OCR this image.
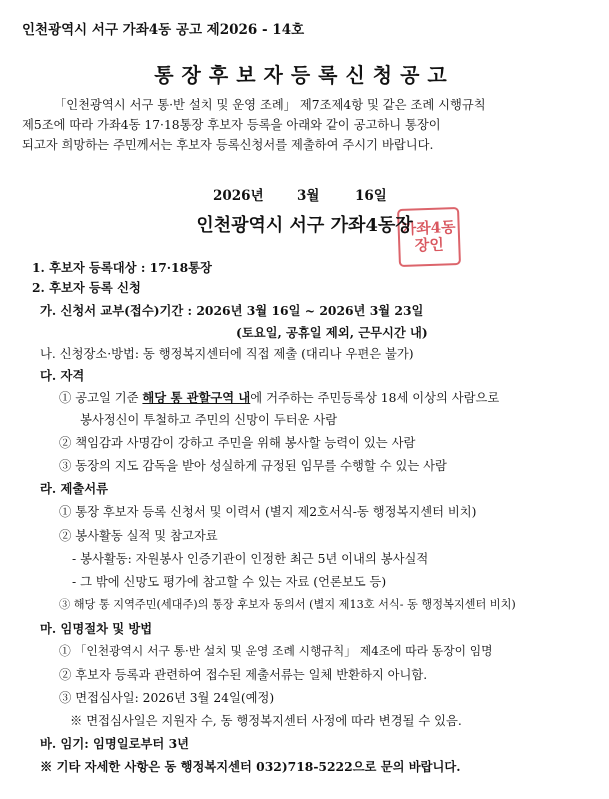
인천광역시 서구 가좌4동 공고 제2026 - 14호
통장후보자등록신청공고
「인천광역시 서구 통·반 설치 및 운영 조례」 제7조제4항 및 같은 조례 시행규칙
제5조에 따라 가좌4동 17·18통장 후보자 등록을 아래와 같이 공고하니 통장이
되고자 희망하는 주민께서는 후보자 등록신청서를 제출하여 주시기 바랍니다.
2026년 3월	16일
가좌4동장인
인천광역시 서구 가좌4동장
1. 후보자 등록대상 : 17·18통장
2. 후보자 등록 신청
가. 신청서 교부(접수)기간 : 2026년 3월 16일 ~ 2026년 3월 23일
(토요일, 공휴일 제외, 근무시간 내)
나. 신청장소·방법: 동 행정복지센터에 직접 제출 (대리나 우편은 불가)
다. 자격
① 공고일 기준 해당 통 관할구역 내에 거주하는 주민등록상 18세 이상의 사람으로
봉사정신이 투철하고 주민의 신망이 두터운 사람
② 책임감과 사명감이 강하고 주민을 위해 봉사할 능력이 있는 사람
③ 동장의 지도 감독을 받아 성실하게 규정된 임무를 수행할 수 있는 사람
라. 제출서류
① 통장 후보자 등록 신청서 및 이력서 (별지 제2호서식-동 행정복지센터 비치)
② 봉사활동 실적 및 참고자료
- 봉사활동: 자원봉사 인증기관이 인정한 최근 5년 이내의 봉사실적
- 그 밖에 신망도 평가에 참고할 수 있는 자료 (언론보도 등)
③ 해당 통 지역주민(세대주)의 통장 후보자 동의서 (별지 제13호 서식- 동 행정복지센터 비치)
마. 임명절차 및 방법
① 「인천광역시 서구 통·반 설치 및 운영 조례 시행규칙」 제4조에 따라 동장이 임명
② 후보자 등록과 관련하여 접수된 제출서류는 일체 반환하지 아니함.
③ 면접심사일: 2026년 3월 24일(예정)
※ 면접심사일은 지원자 수, 동 행정복지센터 사정에 따라 변경될 수 있음.
바. 임기: 임명일로부터 3년
※ 기타 자세한 사항은 동 행정복지센터 032)718-5222으로 문의 바랍니다.
